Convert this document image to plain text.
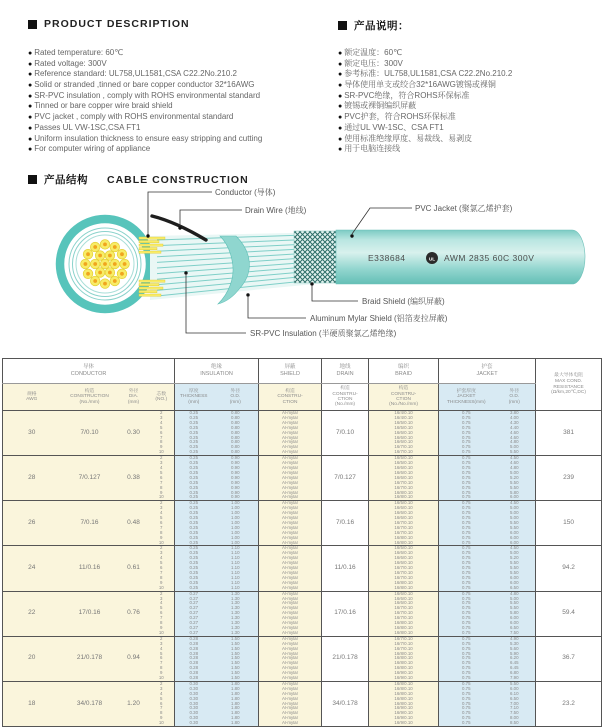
PRODUCT DESCRIPTION
● Rated temperature: 60℃
● Rated voltage: 300V
● Reference standard: UL758,UL1581,CSA C22.2No.210.2
● Solid or stranded ,tinned or bare copper conductor 32*16AWG
● SR-PVC insulation , comply with ROHS environmental standard
● Tinned or bare copper wire braid shield
● PVC jacket , comply with ROHS environmental standard
● Passes UL VW-1SC,CSA FT1
● Uniform insulation thickness to ensure easy stripping and cutting
● For computer wiring of appliance
产品说明：
● 额定温度：60℃
● 额定电压：300V
● 参考标准：UL758,UL1581,CSA C22.2No.210.2
● 导体使用单支或绞合32*16AWG镀锡或裸铜
● SR-PVC绝缘，符合ROHS环保标准
● 镀锡或裸铜编织屏蔽
● PVC护套，符合ROHS环保标准
● 通过UL VW-1SC、CSA FT1
● 使用标准绝缘厚度、易裁线、易剥皮
● 用于电脑连接线
产品结构 CABLE CONSTRUCTION
E338684	UL AWM 2835 60C 300V
Conductor (导体)
Drain Wire (地线)	PVC Jacket (聚氯乙烯护套)
Braid Shield (编织屏蔽)
Aluminum Mylar Shield (铝箔麦拉屏蔽)
SR-PVC Insulation (半硬质聚氯乙烯绝缘)
导体
CONDUCTOR				绝缘
INSULATION		屏蔽
SHIELD	地线
DRAIN	编织
BRAID	护套
JACKET		最大导体电阻
MAX COND.
RESISTANCE
(Ω/km,20℃,DC)
规格
AWG	构造
CONSTRUCTION
(No./mm)	外径
DIA.
(mm)	芯数
(NO.)	厚度
THICKNESS
(mm)	外径
O.D.
(mm)	构造
CONSTRU-
CTION	构造
CONSTRU-
CTION
(No./mm)	构造
CONSTRU-
CTION
(No./No./mm)	护套厚度
JACKET
THICKNESS(mm)	外径
O.D.
(mm)	
30	7/0.10	0.30	2	0.25	0.80	Al-mylar	7/0.10	16/4/0.10	0.75	3.80	381
			3	0.25	0.80	Al-mylar		16/4/0.10	0.75	4.00	
			4	0.25	0.80	Al-mylar		16/5/0.10	0.75	4.30	
			5	0.25	0.80	Al-mylar		16/5/0.10	0.75	4.40	
			6	0.25	0.80	Al-mylar		16/6/0.10	0.75	4.60	
			7	0.25	0.80	Al-mylar		16/6/0.10	0.75	4.60	
			8	0.25	0.80	Al-mylar		16/6/0.10	0.75	4.80	
			9	0.25	0.80	Al-mylar		16/7/0.10	0.75	5.00	
			10	0.25	0.80	Al-mylar		16/7/0.10	0.75	5.50	
28	7/0.127	0.38	2	0.25	0.90	Al-mylar	7/0.127	16/5/0.10	0.75	4.50	239
			3	0.25	0.90	Al-mylar		16/5/0.10	0.75	4.60	
			4	0.25	0.90	Al-mylar		16/6/0.10	0.75	4.80	
			5	0.25	0.90	Al-mylar		16/6/0.10	0.75	5.00	
			6	0.25	0.90	Al-mylar		16/6/0.10	0.75	5.20	
			7	0.25	0.90	Al-mylar		16/7/0.10	0.75	5.50	
			8	0.25	0.90	Al-mylar		16/7/0.10	0.75	5.50	
			9	0.25	0.90	Al-mylar		16/8/0.10	0.75	5.80	
			10	0.25	0.90	Al-mylar		16/8/0.10	0.75	6.00	
26	7/0.16	0.48	2	0.25	1.00	Al-mylar	7/0.16	16/5/0.10	0.75	4.50	150
			3	0.25	1.00	Al-mylar		16/6/0.10	0.75	5.00	
			4	0.25	1.00	Al-mylar		16/6/0.10	0.75	5.00	
			5	0.25	1.00	Al-mylar		16/6/0.10	0.75	5.00	
			6	0.25	1.00	Al-mylar		16/7/0.10	0.75	5.50	
			7	0.25	1.00	Al-mylar		16/7/0.10	0.75	5.50	
			8	0.25	1.00	Al-mylar		16/7/0.10	0.75	6.00	
			9	0.25	1.00	Al-mylar		16/8/0.10	0.75	6.00	
			10	0.25	1.00	Al-mylar		16/8/0.10	0.75	6.00	
24	11/0.16	0.61	2	0.25	1.10	Al-mylar	11/0.16	16/5/0.10	0.75	4.50	94.2
			3	0.25	1.10	Al-mylar		16/6/0.10	0.75	5.00	
			4	0.25	1.10	Al-mylar		16/6/0.10	0.75	5.20	
			5	0.25	1.10	Al-mylar		16/6/0.10	0.75	5.50	
			6	0.25	1.10	Al-mylar		16/7/0.10	0.75	5.50	
			7	0.25	1.10	Al-mylar		16/7/0.10	0.75	5.50	
			8	0.25	1.10	Al-mylar		16/7/0.10	0.75	6.00	
			9	0.25	1.10	Al-mylar		16/8/0.10	0.75	6.00	
			10	0.25	1.10	Al-mylar		16/8/0.10	0.75	6.50	
22	17/0.16	0.76	2	0.27	1.30	Al-mylar	17/0.16	16/6/0.10	0.75	4.80	59.4
			3	0.27	1.30	Al-mylar		16/6/0.10	0.75	5.00	
			4	0.27	1.30	Al-mylar		16/6/0.10	0.75	5.50	
			5	0.27	1.30	Al-mylar		16/7/0.10	0.75	5.50	
			6	0.27	1.30	Al-mylar		16/7/0.10	0.75	5.80	
			7	0.27	1.30	Al-mylar		16/7/0.10	0.75	6.00	
			8	0.27	1.30	Al-mylar		16/8/0.10	0.75	6.00	
			9	0.27	1.30	Al-mylar		16/8/0.10	0.75	6.50	
			10	0.27	1.30	Al-mylar		16/8/0.10	0.75	7.50	
20	21/0.178	0.94	2	0.28	1.50	Al-mylar	21/0.178	16/7/0.10	0.75	4.90	36.7
			3	0.28	1.50	Al-mylar		16/7/0.10	0.75	5.30	
			4	0.28	1.50	Al-mylar		16/7/0.10	0.75	5.60	
			5	0.28	1.50	Al-mylar		16/8/0.10	0.75	5.90	
			6	0.28	1.50	Al-mylar		16/8/0.10	0.75	6.20	
			7	0.28	1.50	Al-mylar		16/8/0.10	0.75	6.45	
			8	0.28	1.50	Al-mylar		16/8/0.10	0.75	6.45	
			9	0.28	1.50	Al-mylar		16/9/0.10	0.75	6.80	
			10	0.28	1.50	Al-mylar		16/9/0.10	0.75	7.90	
18	34/0.178	1.20	2	0.30	1.80	Al-mylar	34/0.178	16/8/0.10	0.75	5.50	23.2
			3	0.30	1.80	Al-mylar		16/8/0.10	0.75	6.00	
			4	0.30	1.80	Al-mylar		16/8/0.10	0.75	6.10	
			5	0.30	1.80	Al-mylar		16/8/0.10	0.75	6.50	
			6	0.30	1.80	Al-mylar		16/8/0.10	0.75	7.00	
			7	0.30	1.80	Al-mylar		16/9/0.10	0.75	7.10	
			8	0.30	1.80	Al-mylar		16/9/0.10	0.75	7.50	
			9	0.30	1.80	Al-mylar		16/9/0.10	0.75	8.00	
			10	0.30	1.80	Al-mylar		16/9/0.10	0.75	8.50	
